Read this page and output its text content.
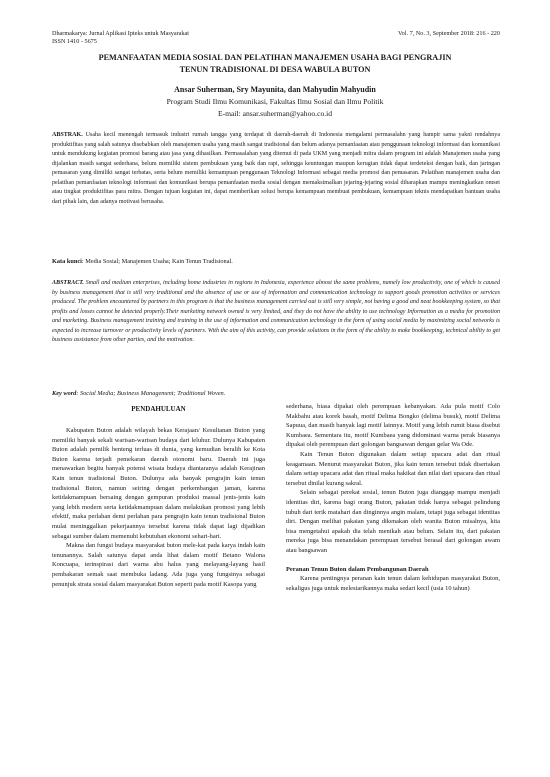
Dharmakarya: Jurnal Aplikasi Ipteks untuk Masyarakat
ISSN 1410 - 5675
Vol. 7, No. 3, September 2018: 216 - 220
PEMANFAATAN MEDIA SOSIAL DAN PELATIHAN MANAJEMEN USAHA BAGI PENGRAJIN
TENUN TRADISIONAL DI DESA WABULA BUTON
Ansar Suherman, Sry Mayunita, dan Mahyudin Mahyudin
Program Studi Ilmu Komunikasi, Fakultas Ilmu Sosial dan Ilmu Politik
E-mail: ansar.suherman@yahoo.co.id

ABSTRAK. Usaha kecil menengah termasuk industri rumah tangga yang terdapat di daerah-daerah di Indonesia mengalami permasalahn yang hampir sama yakni rendahnya produktifitas yang salah satunya disebabkan oleh manajemen usaha yang masih sangat tradisional dan belum adanya pemanfaatan atau penggunaan teknologi informasi dan komunikasi untuk mendukung kegiatan promosi barang atau jasa yang dihasilkan. Permasalahan yang ditemui di pada UKM yang menjadi mitra dalam program ini adalah Manajemen usaha yang dijalankan masih sangat sederhana, belum memiliki sistem pembukuan yang baik dan rapi, sehingga keuntungan maupun kerugian tidak dapat terdeteksi dengan baik, dan jaringan pemasaran yang dimiliki sangat terbatas, serta belum memiliki kemampuan penggunaan Teknologi Informasi sebagai media promosi dan pemasaran. Pelatihan manajemen usaha dan pelatihan pemanfaatan teknologi informasi dan komunikasi berupa pemanfaatan media sosial dengan memaksimalkan jejaring-jejaring sosial diharapkan mampu meningkatkan omset atau tingkat produktifitas para mitra. Dengan tujuan kegiatan ini, dapat memberikan solusi berupa kemampuan membuat pembukuan, kemampuan teknis mendapatkan bantuan usaha dari pihak lain, dan adanya motivasi berusaha.

Kata kunci: Media Sosial; Manajemen Usaha; Kain Tenun Tradisional.

ABSTRACT. Small and medium enterprises, including home industries in regions in Indonesia, experience almost the same problems, namely low productivity, one of which is caused by business management that is still very traditional and the absence of use or use of information and communication technology to support goods promotion activities or services produced. The problem encountered by partners in this program is that the business management carried out is still very simple, not having a good and neat bookkeeping system, so that profits and losses cannot be detected properly.Their marketing network owned is very limited, and they do not have the ability to use technology Information as a media for promotion and marketing. Business management training and training in the use of information and communication technology in the form of using social media by maximizing social networks is expected to increase turnover or productivity levels of partners. With the aim of this activity, can provide solutions in the form of the ability to make bookkeeping, technical ability to get business assistance from other parties, and the motivation.

Key word: Social Media; Business Management; Traditional Woven.

PENDAHULUAN

Kabupaten Buton adalah wilayah bekas Kerajaan/ Kesultanan Buton yang memiliki banyak sekali warisan-warisan budaya dari leluhur. Dulunya Kabupaten Buton adalah pemilik benteng terluas di dunia, yang kemudian beralih ke Kota Buton karena terjadi pemekaran daerah otonomi baru. Daerah ini juga menawarkan begitu banyak potensi wisata budaya diantaranya adalah Kerajinan Kain tenun tradisional Buton. Dulunya ada banyak pengrajin kain tenun tradisional Buton, namun seiring dengan perkembangan jaman, karena ketidakmampuan bersaing dengan gempuran produksi massal jenis-jenis kain yang lebih modern serta ketidakmampuan dalam melakukan promosi yang lebih efektif, maka perlahan demi perlahan para pengrajin kain tenun tradisional Buton mulai meninggalkan pekerjaannya tersebut karena tidak dapat lagi dijadikan sebagai sumber dalam memenuhi kebutuhan ekonomi sehari-hari.

Makna dan fungsi budaya masyarakat buton mele-kat pada karya indah kain tenunannya. Salah satunya dapat anda lihat dalam motif Betano Walona Koncuapa, terinspirasi dari warna abu halus yang melayang-layang hasil pembakaran semak saat membuka ladang. Ada juga yang fungsinya sebagai penunjuk strata sosial dalam masyarakat Buton seperti pada motif Kasopa yang

sederhana, biasa dipakai oleh perempuan kebanyakan. Ada pula motif Colo Makbahu atau korek basah, motif Delima Bongko (delima busuk), motif Delima Sapuua, dan masih banyak lagi motif lainnya. Motif yang lebih rumit biasa disebut Kumbaea. Sementara itu, motif Kumbaea yang didominasi warna perak biasanya dipakai oleh perempuan dari golongan bangsawan dengan gelar Wa Ode.

Kain Tenun Buton digunakan dalam setiap upacara adat dan ritual keagamaan. Menurut masyarakat Buton, jika kain tenun tersebut tidak disertakan dalam setiap upacara adat dan ritual maka hakikat dan nilai dari upacara dan ritual tersebut dinilai kurang sakral.

Selain sebagai perekat sosial, tenun Buton juga dianggap mampu menjadi identitas diri, karena bagi orang Buton, pakaian tidak hanya sebagai pelindung tubuh dari terik matahari dan dinginnya angin malam, tetapi juga sebagai identitas diri. Dengan melihat pakaian yang dikenakan oleh wanita Buton misalnya, kita bisa mengetahui apakah dia telah menikah atau belum. Selain itu, dari pakaian mereka juga bisa menandakan perempuan tersebut berasal dari golongan awam atau bangsawan

Peranan Tenun Buton dalam Pembangunan Daerah

Karena pentingnya peranan kain tenun dalam kehidupan masyarakat Buton, sekaligus juga untuk melestarikannya maka sedari kecil (usia 10 tahun)
